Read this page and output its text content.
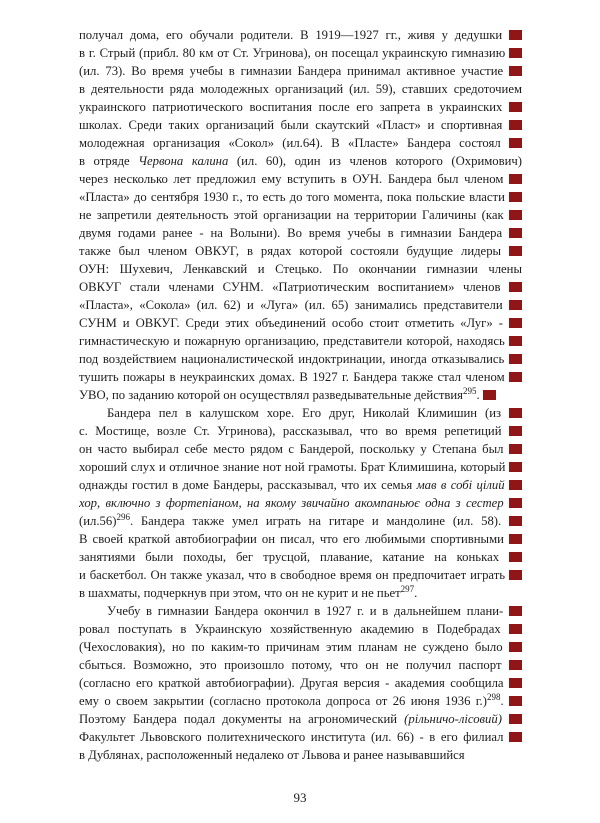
получал дома, его обучали родители. В 1919—1927 гг., живя у дедушки
в г. Стрый (прибл. 80 км от Ст. Угринова), он посещал украинскую гимназию
(ил. 73). Во время учебы в гимназии Бандера принимал активное участие
в деятельности ряда молодежных организаций (ил. 59), ставших средоточием
украинского патриотического воспитания после его запрета в украинских
школах. Среди таких организаций были скаутский «Пласт» и спортивная
молодежная организация «Сокол» (ил.64). В «Пласте» Бандера состоял
в отряде Червона калина (ил. 60), один из членов которого (Охримович)
через несколько лет предложил ему вступить в ОУН. Бандера был членом
«Пласта» до сентября 1930 г., то есть до того момента, пока польские власти
не запретили деятельность этой организации на территории Галичины (как
двумя годами ранее - на Волыни). Во время учебы в гимназии Бандера
также был членом ОВКУГ, в рядах которой состояли будущие лидеры
ОУН: Шухевич, Ленкавский и Стецько. По окончании гимназии члены
ОВКУГ стали членами СУНМ. «Патриотическим воспитанием» членов
«Пласта», «Сокола» (ил. 62) и «Луга» (ил. 65) занимались представители
СУНМ и ОВКУГ. Среди этих объединений особо стоит отметить «Луг» -
гимнастическую и пожарную организацию, представители которой, находясь
под воздействием националистической индоктринации, иногда отказывались
тушить пожары в неукраинских домах. В 1927 г. Бандера также стал членом
УВО, по заданию которой он осуществлял разведывательные действия$^{295}$.
Бандера пел в калушском хоре. Его друг, Николай Климишин (из
с. Мостище, возле Ст. Угринова), рассказывал, что во время репетиций
он часто выбирал себе место рядом с Бандерой, поскольку у Степана был
хороший слух и отличное знание нот ной грамоты. Брат Климишина, который
однажды гостил в доме Бандеры, рассказывал, что их семья мав в собі цілий
хор, включно з фортепіаном, на якому звичайно акомпаньює одна з сестер
$(ил.56)^{296}$. Бандера также умел играть на гитаре и мандолине (ил. 58).
В своей краткой автобиографии он писал, что его любимыми спортивными
занятиями были походы, бег трусцой, плавание, катание на коньках
и баскетбол. Он также указал, что в свободное время он предпочитает играть
в шахматы, подчеркнув при этом, что он не курит и не пьет$^{297}$.
Учебу в гимназии Бандера окончил в 1927 г. и в дальнейшем плани-
ровал поступать в Украинскую хозяйственную академию в Подебрадах
(Чехословакия), но по каким-то причинам этим планам не суждено было
сбыться. Возможно, это произошло потому, что он не получил паспорт
(согласно его краткой автобиографии). Другая версия - академия сообщила
ему о своем закрытии (согласно протокола допроса от 26 июня 1936 г.)$^{298}$.
Поэтому Бандера подал документы на агрономический (рільничо-лісовий)
Факультет Львовского политехнического института (ил. 66) - в его филиал
в Дублянах, расположенный недалеко от Львова и ранее называвшийся
93
